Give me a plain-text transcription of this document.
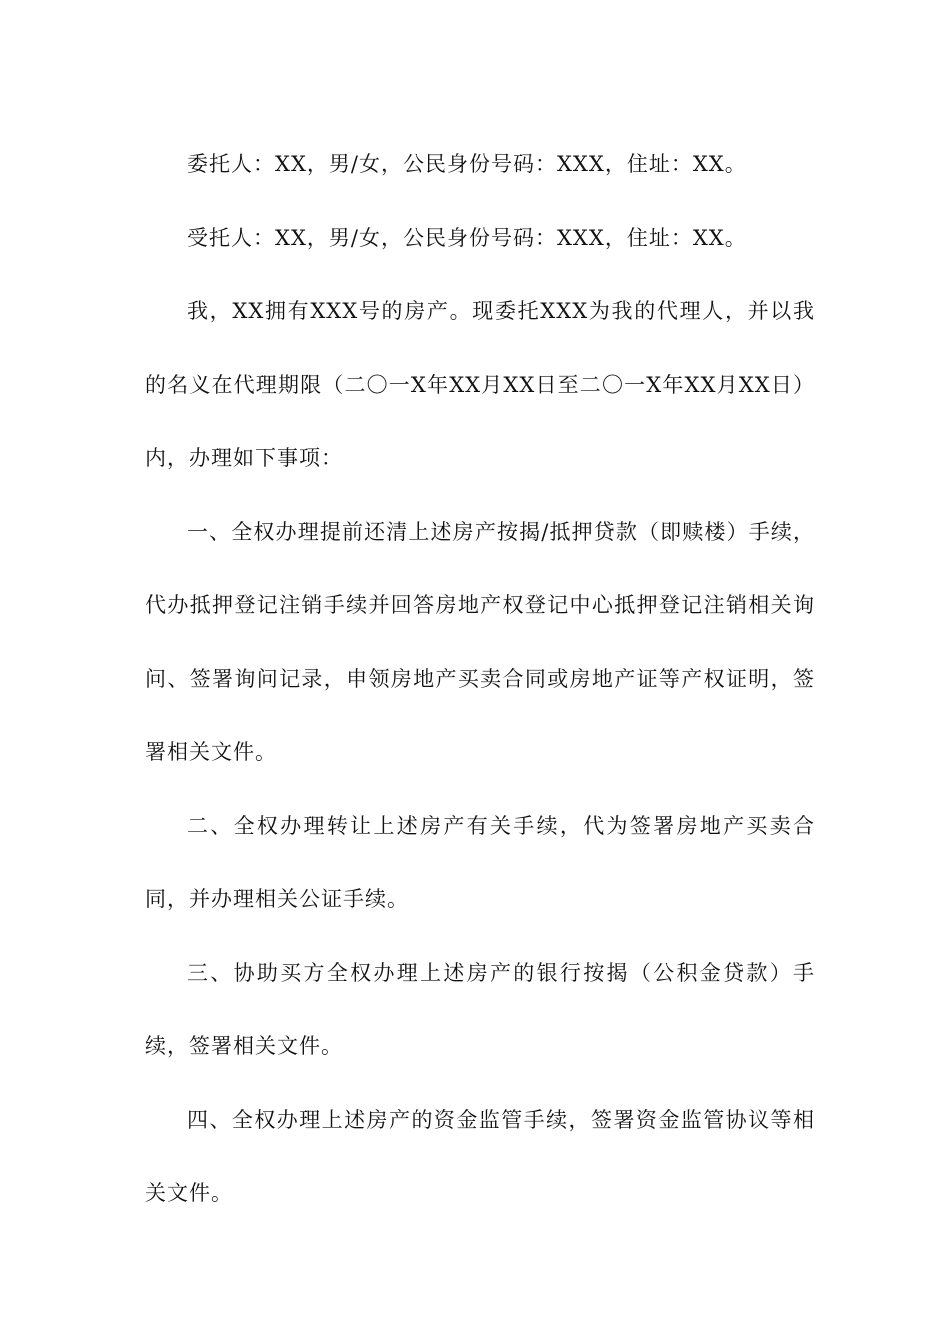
委托人：XX，男/女，公民身份号码：XXX，住址：XX。

受托人：XX，男/女，公民身份号码：XXX，住址：XX。

我，XX拥有XXX号的房产。现委托XXX为我的代理人，并以我的名义在代理期限（二〇一X年XX月XX日至二〇一X年XX月XX日）内，办理如下事项：

一、全权办理提前还清上述房产按揭/抵押贷款（即赎楼）手续，代办抵押登记注销手续并回答房地产权登记中心抵押登记注销相关询问、签署询问记录，申领房地产买卖合同或房地产证等产权证明，签署相关文件。

二、全权办理转让上述房产有关手续，代为签署房地产买卖合同，并办理相关公证手续。

三、协助买方全权办理上述房产的银行按揭（公积金贷款）手续，签署相关文件。

四、全权办理上述房产的资金监管手续，签署资金监管协议等相关文件。
